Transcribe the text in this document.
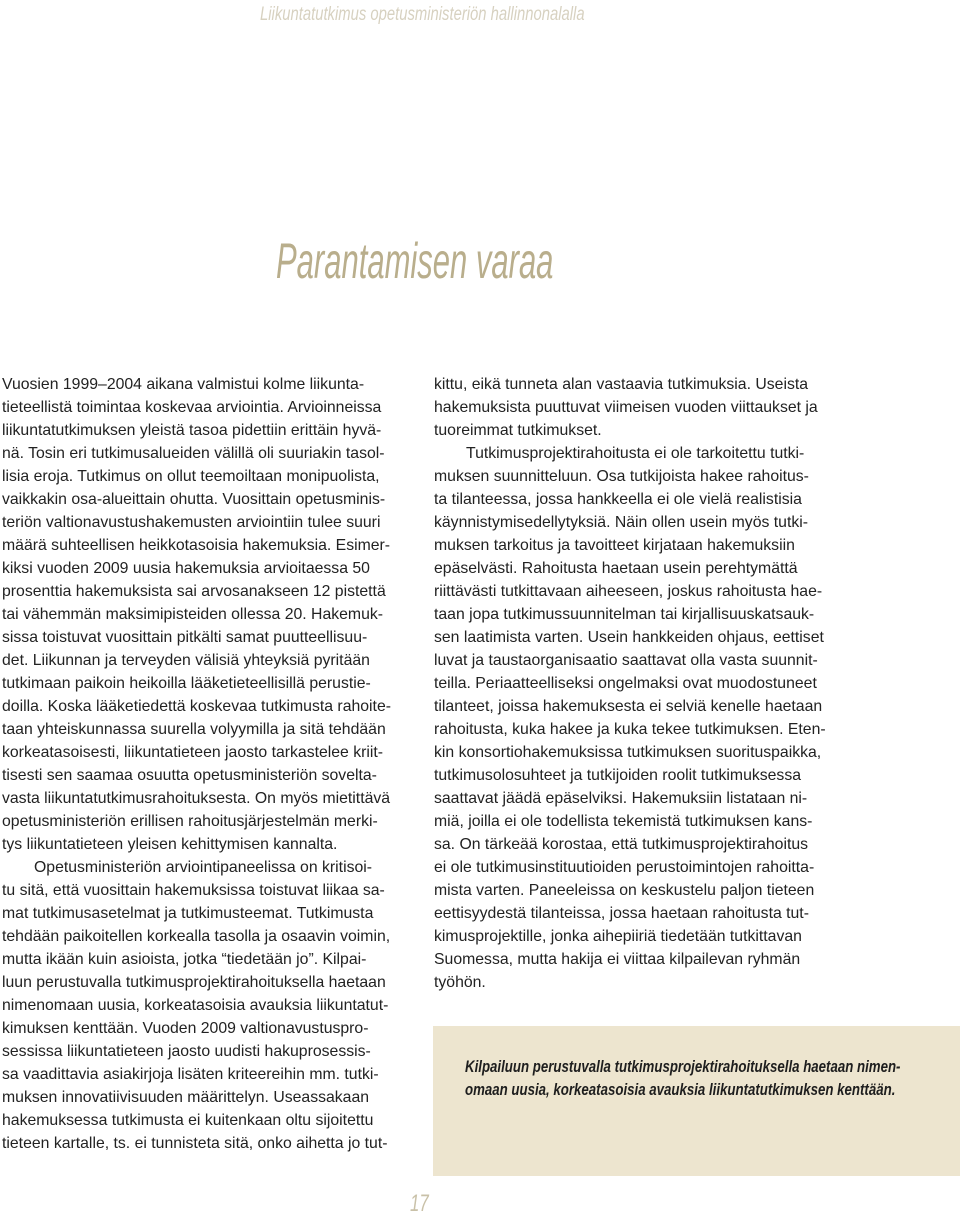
Liikuntatutkimus opetusministeriön hallinnonalalla
Parantamisen varaa
Vuosien 1999–2004 aikana valmistui kolme liikunta-
tieteellistä toimintaa koskevaa arviointia. Arvioinneissa
liikuntatutkimuksen yleistä tasoa pidettiin erittäin hyvä-
nä. Tosin eri tutkimusalueiden välillä oli suuriakin tasol-
lisia eroja. Tutkimus on ollut teemoiltaan monipuolista,
vaikkakin osa-alueittain ohutta. Vuosittain opetusminis-
teriön valtionavustushakemusten arviointiin tulee suuri
määrä suhteellisen heikkotasoisia hakemuksia. Esimer-
kiksi vuoden 2009 uusia hakemuksia arvioitaessa 50
prosenttia hakemuksista sai arvosanakseen 12 pistettä
tai vähemmän maksimipisteiden ollessa 20. Hakemuk-
sissa toistuvat vuosittain pitkälti samat puutteellisuu-
det. Liikunnan ja terveyden välisiä yhteyksiä pyritään
tutkimaan paikoin heikoilla lääketieteellisillä perustie-
doilla. Koska lääketiedettä koskevaa tutkimusta rahoite-
taan yhteiskunnassa suurella volyymilla ja sitä tehdään
korkeatasoisesti, liikuntatieteen jaosto tarkastelee kriit-
tisesti sen saamaa osuutta opetusministeriön soveltа-
vasta liikuntatutkimusrahoituksesta. On myös mietittävä
opetusministeriön erillisen rahoitusjärjestelmän merki-
tys liikuntatieteen yleisen kehittymisen kannalta.
Opetusministeriön arviointipaneelissa on kritisoi-
tu sitä, että vuosittain hakemuksissa toistuvat liikaa sa-
mat tutkimusasetelmat ja tutkimusteemat. Tutkimusta
tehdään paikoitellen korkealla tasolla ja osaavin voimin,
mutta ikään kuin asioista, jotka “tiedetään jo”. Kilpai-
luun perustuvalla tutkimusprojektirahoituksella haetaan
nimenomaan uusia, korkeatasoisia avauksia liikuntatut-
kimuksen kenttään. Vuoden 2009 valtionavustuspro-
sessissa liikuntatieteen jaosto uudisti hakuprosessis-
sa vaadittavia asiakirjoja lisäten kriteereihin mm. tutki-
muksen innovatiivisuuden määrittelyn. Useassakaan
hakemuksessa tutkimusta ei kuitenkaan oltu sijoitettu
tieteen kartalle, ts. ei tunnisteta sitä, onko aihetta jo tut-
kittu, eikä tunneta alan vastaavia tutkimuksia. Useista
hakemuksista puuttuvat viimeisen vuoden viittaukset ja
tuoreimmat tutkimukset.
Tutkimusprojektirahoitusta ei ole tarkoitettu tutki-
muksen suunnitteluun. Osa tutkijoista hakee rahoitus-
ta tilanteessa, jossa hankkeella ei ole vielä realistisia
käynnistymisedellytyksiä. Näin ollen usein myös tutki-
muksen tarkoitus ja tavoitteet kirjataan hakemuksiin
epäselvästi. Rahoitusta haetaan usein perehtymättä
riittävästi tutkittavaan aiheeseen, joskus rahoitusta hae-
taan jopa tutkimussuunnitelman tai kirjallisuuskatsauk-
sen laatimista varten. Usein hankkeiden ohjaus, eettiset
luvat ja taustaorganisaatio saattavat olla vasta suunnit-
teilla. Periaatteelliseksi ongelmaksi ovat muodostuneet
tilanteet, joissa hakemuksesta ei selviä kenelle haetaan
rahoitusta, kuka hakee ja kuka tekee tutkimuksen. Eten-
kin konsortiohakemuksissa tutkimuksen suorituspaikka,
tutkimusolosuhteet ja tutkijoiden roolit tutkimuksessa
saattavat jäädä epäselviksi. Hakemuksiin listataan ni-
miä, joilla ei ole todellista tekemistä tutkimuksen kans-
sa. On tärkeää korostaa, että tutkimusprojektirahoitus
ei ole tutkimusinstituutioiden perustoimintojen rahoitta-
mista varten. Paneeleissa on keskustelu paljon tieteen
eettisyydestä tilanteissa, jossa haetaan rahoitusta tut-
kimusprojektille, jonka aihepiiriä tiedetään tutkittavan
Suomessa, mutta hakija ei viittaa kilpailevan ryhmän
työhön.
Kilpailuun perustuvalla tutkimusprojektirahoituksella haetaan nimen-
omaan uusia, korkeatasoisia avauksia liikuntatutkimuksen kenttään.
17
